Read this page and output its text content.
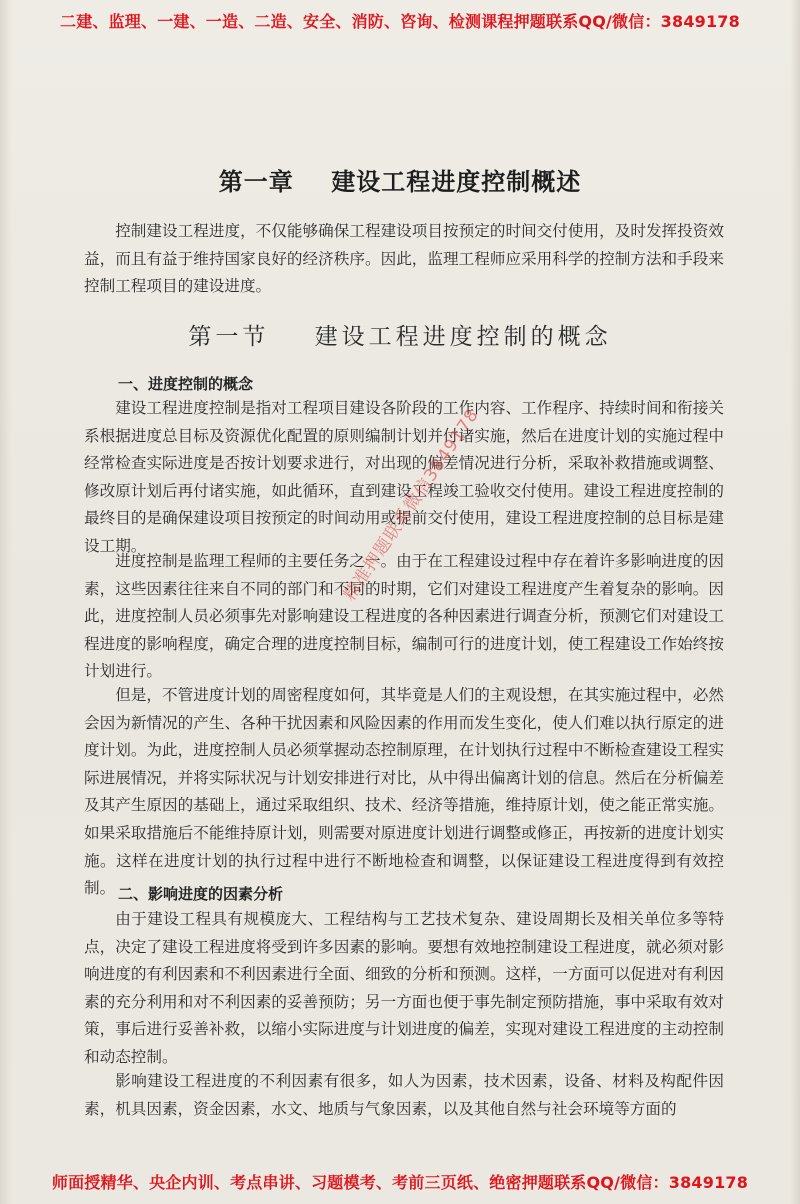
二建、监理、一建、一造、二造、安全、消防、咨询、检测课程押题联系QQ/微信：3849178
第一章    建设工程进度控制概述
控制建设工程进度，不仅能够确保工程建设项目按预定的时间交付使用，及时发挥投资效益，而且有益于维持国家良好的经济秩序。因此，监理工程师应采用科学的控制方法和手段来控制工程项目的建设进度。
第一节    建设工程进度控制的概念
一、进度控制的概念
建设工程进度控制是指对工程项目建设各阶段的工作内容、工作程序、持续时间和衔接关系根据进度总目标及资源优化配置的原则编制计划并付诸实施，然后在进度计划的实施过程中经常检查实际进度是否按计划要求进行，对出现的偏差情况进行分析，采取补救措施或调整、修改原计划后再付诸实施，如此循环，直到建设工程竣工验收交付使用。建设工程进度控制的最终目的是确保建设项目按预定的时间动用或提前交付使用，建设工程进度控制的总目标是建设工期。
进度控制是监理工程师的主要任务之一。由于在工程建设过程中存在着许多影响进度的因素，这些因素往往来自不同的部门和不同的时期，它们对建设工程进度产生着复杂的影响。因此，进度控制人员必须事先对影响建设工程进度的各种因素进行调查分析，预测它们对建设工程进度的影响程度，确定合理的进度控制目标，编制可行的进度计划，使工程建设工作始终按计划进行。
但是，不管进度计划的周密程度如何，其毕竟是人们的主观设想，在其实施过程中，必然会因为新情况的产生、各种干扰因素和风险因素的作用而发生变化，使人们难以执行原定的进度计划。为此，进度控制人员必须掌握动态控制原理，在计划执行过程中不断检查建设工程实际进展情况，并将实际状况与计划安排进行对比，从中得出偏离计划的信息。然后在分析偏差及其产生原因的基础上，通过采取组织、技术、经济等措施，维持原计划，使之能正常实施。如果采取措施后不能维持原计划，则需要对原进度计划进行调整或修正，再按新的进度计划实施。这样在进度计划的执行过程中进行不断地检查和调整，以保证建设工程进度得到有效控制。 二、影响进度的因素分析
由于建设工程具有规模庞大、工程结构与工艺技术复杂、建设周期长及相关单位多等特点，决定了建设工程进度将受到许多因素的影响。要想有效地控制建设工程进度，就必须对影响进度的有利因素和不利因素进行全面、细致的分析和预测。这样，一方面可以促进对有利因素的充分利用和对不利因素的妥善预防；另一方面也便于事先制定预防措施，事中采取有效对策，事后进行妥善补救，以缩小实际进度与计划进度的偏差，实现对建设工程进度的主动控制和动态控制。
影响建设工程进度的不利因素有很多，如人为因素，技术因素，设备、材料及构配件因素，机具因素，资金因素，水文、地质与气象因素，以及其他自然与社会环境等方面的
精准押题联系微信3849178
师面授精华、央企内训、考点串讲、习题模考、考前三页纸、绝密押题联系QQ/微信：3849178
